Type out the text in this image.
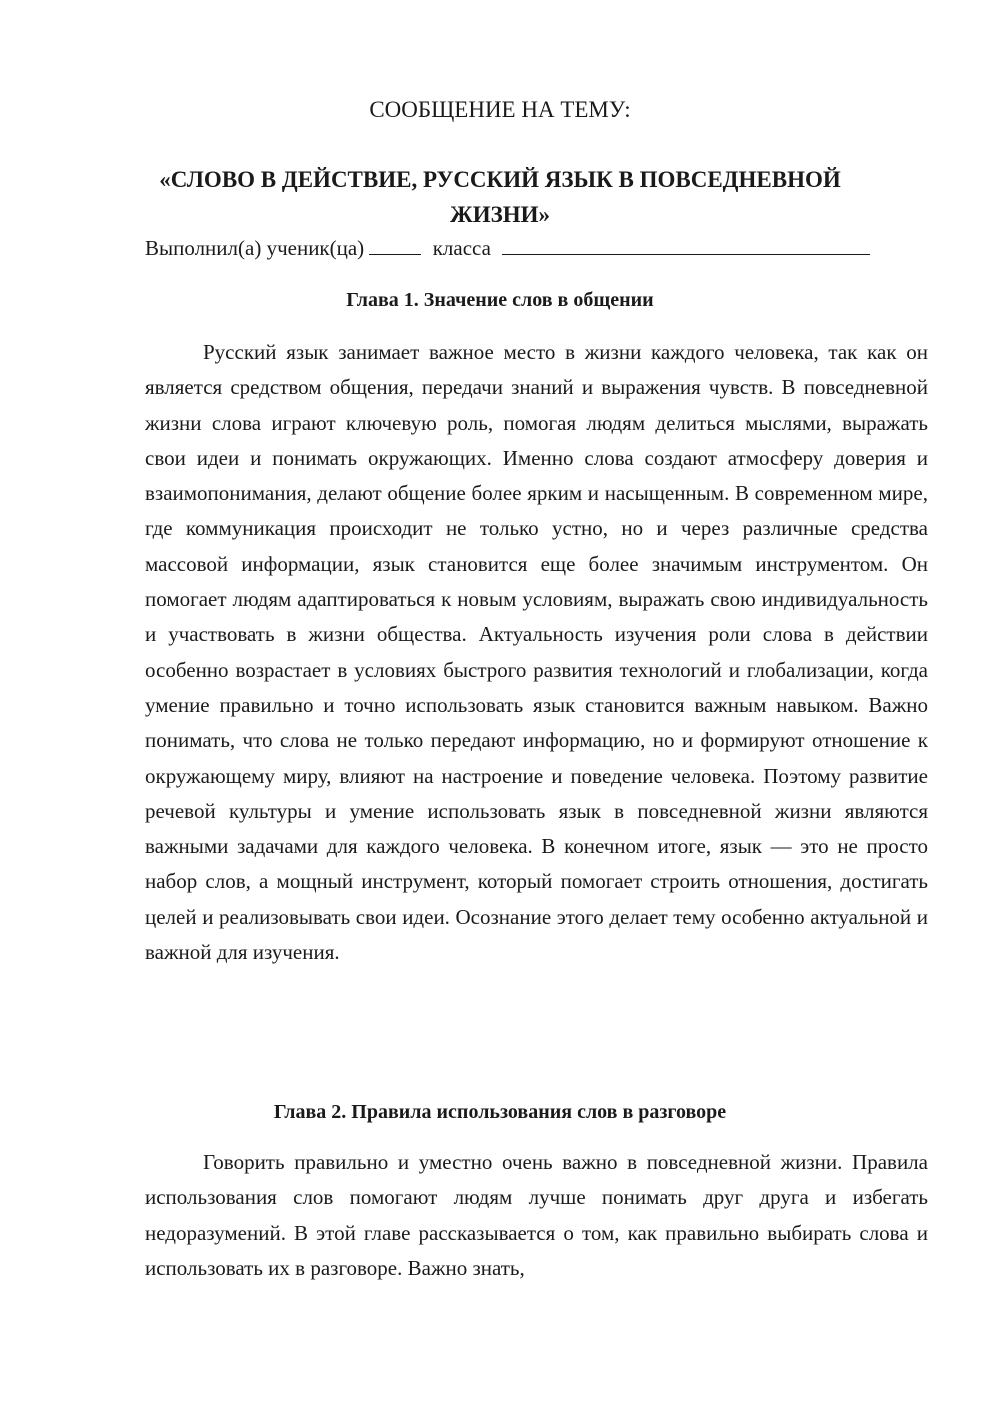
СООБЩЕНИЕ НА ТЕМУ:

«СЛОВО В ДЕЙСТВИЕ, РУССКИЙ ЯЗЫК В ПОВСЕДНЕВНОЙ ЖИЗНИ»

Выполнил(а) ученик(ца)	класса
Глава 1. Значение слов в общении

Русский язык занимает важное место в жизни каждого человека, так как он является средством общения, передачи знаний и выражения чувств. В повседневной жизни слова играют ключевую роль, помогая людям делиться мыслями, выражать свои идеи и понимать окружающих. Именно слова создают атмосферу доверия и взаимопонимания, делают общение более ярким и насыщенным. В современном мире, где коммуникация происходит не только устно, но и через различные средства массовой информации, язык становится еще более значимым инструментом. Он помогает людям адаптироваться к новым условиям, выражать свою индивидуальность и участвовать в жизни общества. Актуальность изучения роли слова в действии особенно возрастает в условиях быстрого развития технологий и глобализации, когда умение правильно и точно использовать язык становится важным навыком. Важно понимать, что слова не только передают информацию, но и формируют отношение к окружающему миру, влияют на настроение и поведение человека. Поэтому развитие речевой культуры и умение использовать язык в повседневной жизни являются важными задачами для каждого человека. В конечном итоге, язык — это не просто набор слов, а мощный инструмент, который помогает строить отношения, достигать целей и реализовывать свои идеи. Осознание этого делает тему особенно актуальной и важной для изучения.

Глава 2. Правила использования слов в разговоре

Говорить правильно и уместно очень важно в повседневной жизни. Правила использования слов помогают людям лучше понимать друг друга и избегать недоразумений. В этой главе рассказывается о том, как правильно выбирать слова и использовать их в разговоре. Важно знать,
